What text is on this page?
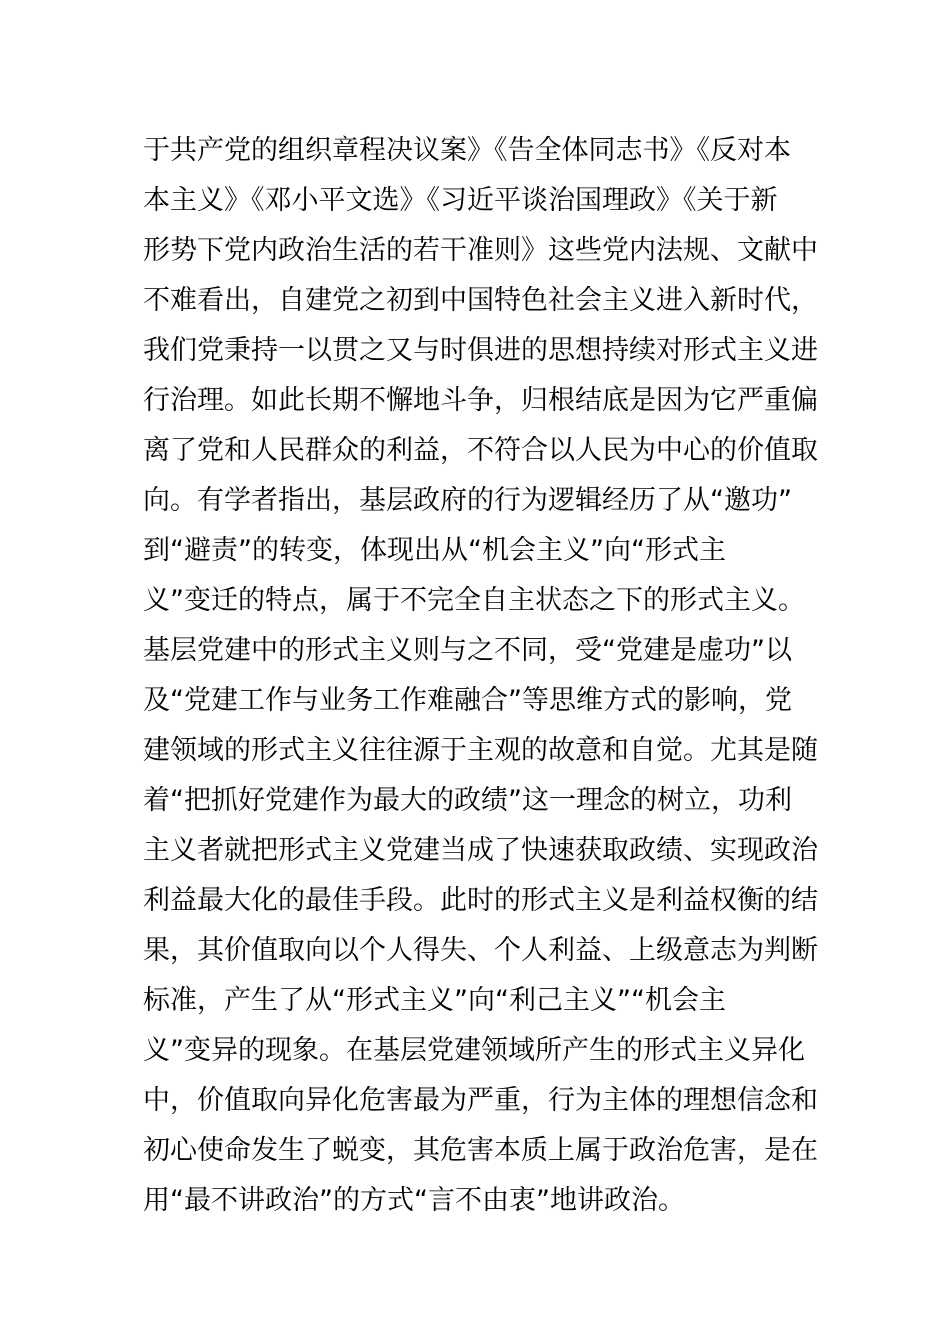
于共产党的组织章程决议案》《告全体同志书》《反对本
本主义》《邓小平文选》《习近平谈治国理政》《关于新
形势下党内政治生活的若干准则》这些党内法规、文献中
不难看出，自建党之初到中国特色社会主义进入新时代，
我们党秉持一以贯之又与时俱进的思想持续对形式主义进
行治理。如此长期不懈地斗争，归根结底是因为它严重偏
离了党和人民群众的利益，不符合以人民为中心的价值取
向。有学者指出，基层政府的行为逻辑经历了从“邀功”
到“避责”的转变，体现出从“机会主义”向“形式主
义”变迁的特点，属于不完全自主状态之下的形式主义。
基层党建中的形式主义则与之不同，受“党建是虚功”以
及“党建工作与业务工作难融合”等思维方式的影响，党
建领域的形式主义往往源于主观的故意和自觉。尤其是随
着“把抓好党建作为最大的政绩”这一理念的树立，功利
主义者就把形式主义党建当成了快速获取政绩、实现政治
利益最大化的最佳手段。此时的形式主义是利益权衡的结
果，其价值取向以个人得失、个人利益、上级意志为判断
标准，产生了从“形式主义”向“利己主义”“机会主
义”变异的现象。在基层党建领域所产生的形式主义异化
中，价值取向异化危害最为严重，行为主体的理想信念和
初心使命发生了蜕变，其危害本质上属于政治危害，是在
用“最不讲政治”的方式“言不由衷”地讲政治。
